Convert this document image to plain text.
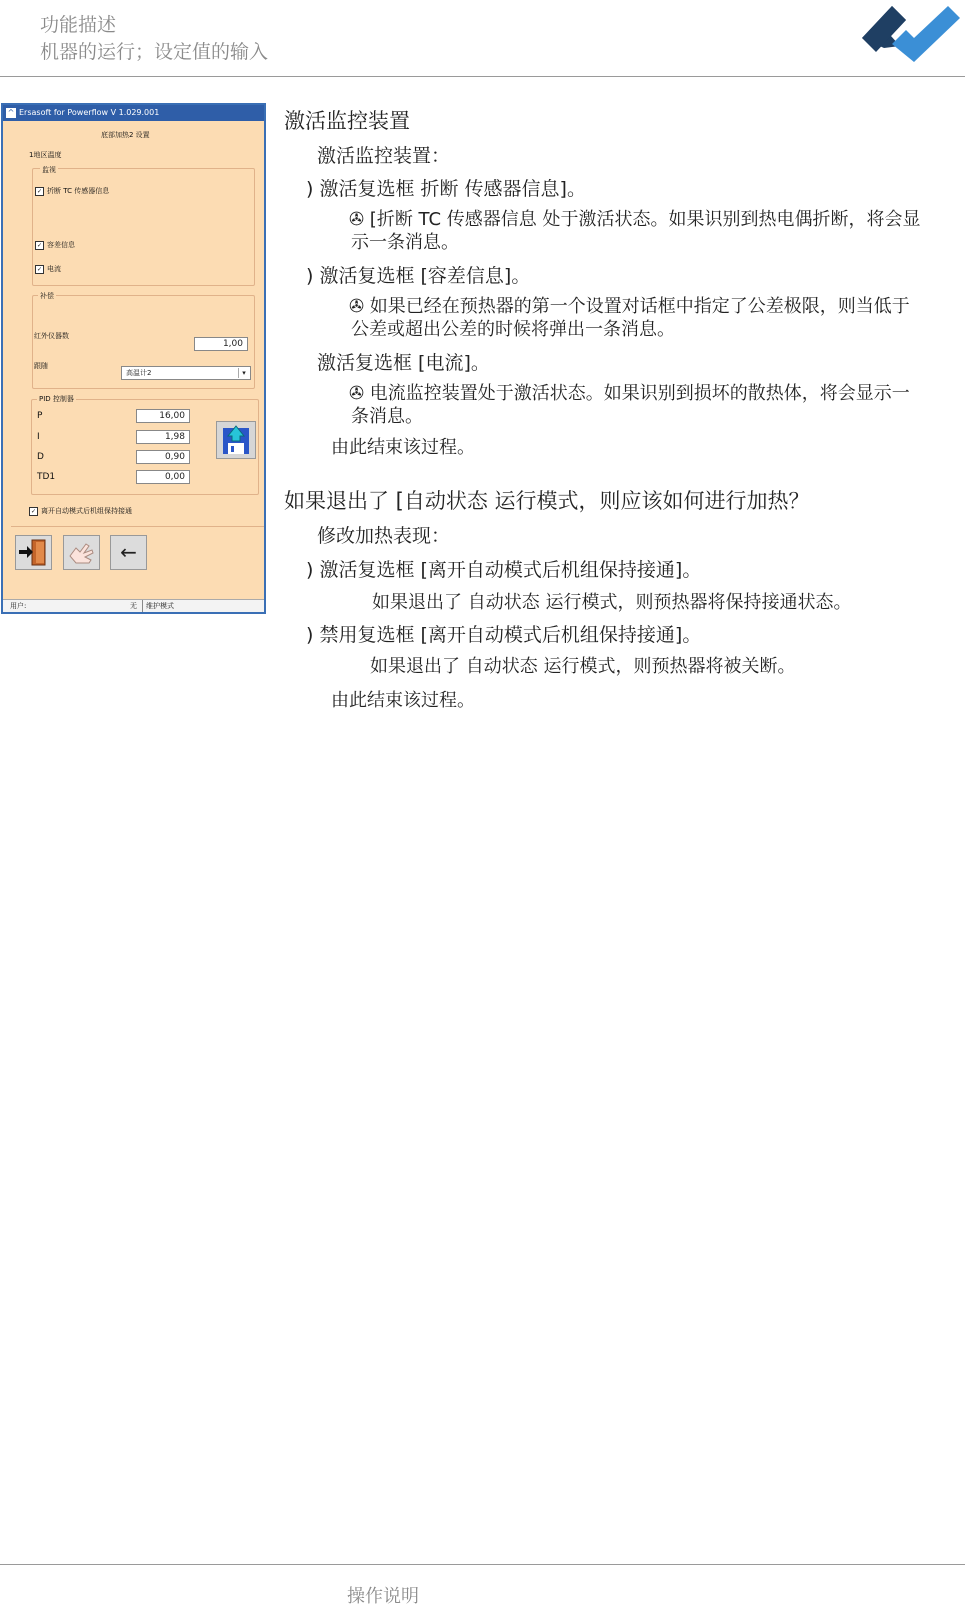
功能描述
机器的运行；设定值的输入
^ Ersasoft for Powerflow V 1.029.001
底部加热2 设置
1地区温度
监视
✓ 折断 TC 传感器信息
✓ 容差信息
✓ 电流
补偿
红外仪器数
1,00
跟随
高温计2	▾
PID 控制器
P	16,00
I	1,98
D	0,90
TD1	0,00
✓ 离开自动模式后机组保持接通
←
用户:	无	维护模式
激活监控装置
激活监控装置：
) 激活复选框 折断 传感器信息]。
✇ [折断 TC 传感器信息 处于激活状态。如果识别到热电偶折断，将会显
示一条消息。
) 激活复选框 [容差信息]。
✇ 如果已经在预热器的第一个设置对话框中指定了公差极限，则当低于
公差或超出公差的时候将弹出一条消息。
激活复选框 [电流]。
✇ 电流监控装置处于激活状态。如果识别到损坏的散热体，将会显示一
条消息。
由此结束该过程。
如果退出了 [自动状态 运行模式，则应该如何进行加热？
修改加热表现：
) 激活复选框 [离开自动模式后机组保持接通]。
如果退出了 自动状态 运行模式，则预热器将保持接通状态。
) 禁用复选框 [离开自动模式后机组保持接通]。
如果退出了 自动状态 运行模式，则预热器将被关断。
由此结束该过程。
操作说明
